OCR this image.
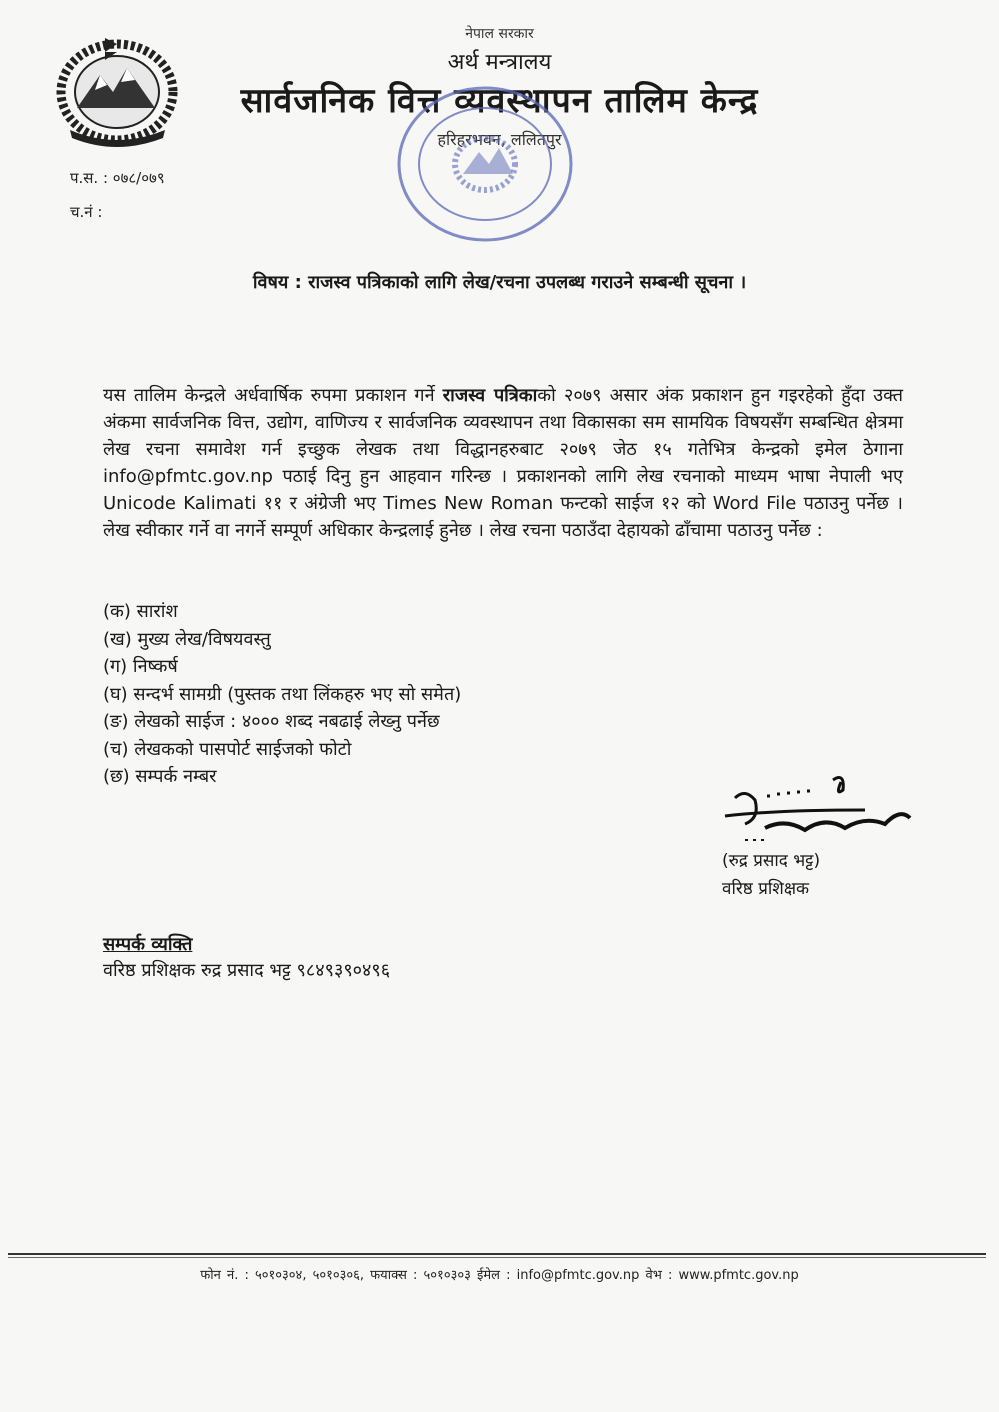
नेपाल सरकार
अर्थ मन्त्रालय
सार्वजनिक वित्त व्यवस्थापन तालिम केन्द्र
हरिहरभवन, ललितपुर
प.स. : ०७८/०७९
च.नं :
विषय : राजस्व पत्रिकाको लागि लेख/रचना उपलब्ध गराउने सम्बन्धी सूचना ।

यस तालिम केन्द्रले अर्धवार्षिक रुपमा प्रकाशन गर्ने राजस्व पत्रिकाको २०७९ असार अंक प्रकाशन हुन गइरहेको हुँदा उक्त अंकमा सार्वजनिक वित्त, उद्योग, वाणिज्य र सार्वजनिक व्यवस्थापन तथा विकासका सम सामयिक विषयसँग सम्बन्धित क्षेत्रमा लेख रचना समावेश गर्न इच्छुक लेखक तथा विद्धानहरुबाट २०७९ जेठ १५ गतेभित्र केन्द्रको इमेल ठेगाना info@pfmtc.gov.np पठाई दिनु हुन आहवान गरिन्छ । प्रकाशनको लागि लेख रचनाको माध्यम भाषा नेपाली भए Unicode Kalimati ११ र अंग्रेजी भए Times New Roman फन्टको साईज १२ को Word File पठाउनु पर्नेछ । लेख स्वीकार गर्ने वा नगर्ने सम्पूर्ण अधिकार केन्द्रलाई हुनेछ । लेख रचना पठाउँदा देहायको ढाँचामा पठाउनु पर्नेछ :

(क) सारांश
(ख) मुख्य लेख/विषयवस्तु
(ग) निष्कर्ष
(घ) सन्दर्भ सामग्री (पुस्तक तथा लिंकहरु भए सो समेत)
(ङ) लेखको साईज : ४००० शब्द नबढाई लेख्नु पर्नेछ
(च) लेखकको पासपोर्ट साईजको फोटो
(छ) सम्पर्क नम्बर
(रुद्र प्रसाद भट्ट)
वरिष्ठ प्रशिक्षक
सम्पर्क व्यक्ति
वरिष्ठ प्रशिक्षक रुद्र प्रसाद भट्ट ९८४९३९०४९६
फोन नं. : ५०१०३०४, ५०१०३०६, फयाक्स : ५०१०३०३ ईमेल : info@pfmtc.gov.np वेभ : www.pfmtc.gov.np
